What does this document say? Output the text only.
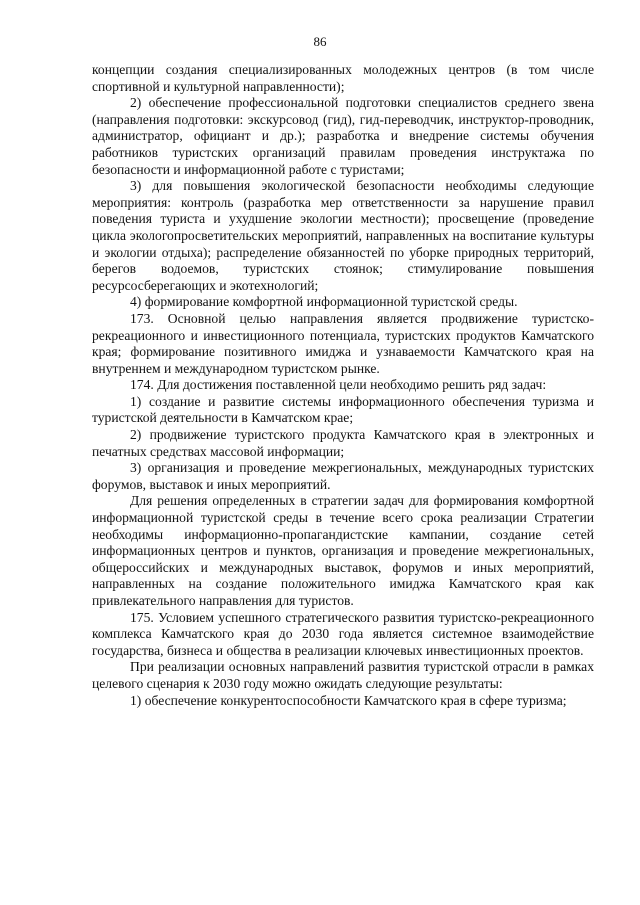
86

концепции создания специализированных молодежных центров (в том числе спортивной и культурной направленности);

2) обеспечение профессиональной подготовки специалистов среднего звена (направления подготовки: экскурсовод (гид), гид-переводчик, инструктор-проводник, администратор, официант и др.); разработка и внедрение системы обучения работников туристских организаций правилам проведения инструктажа по безопасности и информационной работе с туристами;

3) для повышения экологической безопасности необходимы следующие мероприятия: контроль (разработка мер ответственности за нарушение правил поведения туриста и ухудшение экологии местности); просвещение (проведение цикла экологопросветительских мероприятий, направленных на воспитание культуры и экологии отдыха); распределение обязанностей по уборке природных территорий, берегов водоемов, туристских стоянок; стимулирование повышения ресурсосберегающих и экотехнологий;

4) формирование комфортной информационной туристской среды.

173. Основной целью направления является продвижение туристско-рекреационного и инвестиционного потенциала, туристских продуктов Камчатского края; формирование позитивного имиджа и узнаваемости Камчатского края на внутреннем и международном туристском рынке.

174. Для достижения поставленной цели необходимо решить ряд задач:

1) создание и развитие системы информационного обеспечения туризма и туристской деятельности в Камчатском крае;

2) продвижение туристского продукта Камчатского края в электронных и печатных средствах массовой информации;

3) организация и проведение межрегиональных, международных туристских форумов, выставок и иных мероприятий.

Для решения определенных в стратегии задач для формирования комфортной информационной туристской среды в течение всего срока реализации Стратегии необходимы информационно-пропагандистские кампании, создание сетей информационных центров и пунктов, организация и проведение межрегиональных, общероссийских и международных выставок, форумов и иных мероприятий, направленных на создание положительного имиджа Камчатского края как привлекательного направления для туристов.

175. Условием успешного стратегического развития туристско-рекреационного комплекса Камчатского края до 2030 года является системное взаимодействие государства, бизнеса и общества в реализации ключевых инвестиционных проектов.

При реализации основных направлений развития туристской отрасли в рамках целевого сценария к 2030 году можно ожидать следующие результаты:

1) обеспечение конкурентоспособности Камчатского края в сфере туризма;
